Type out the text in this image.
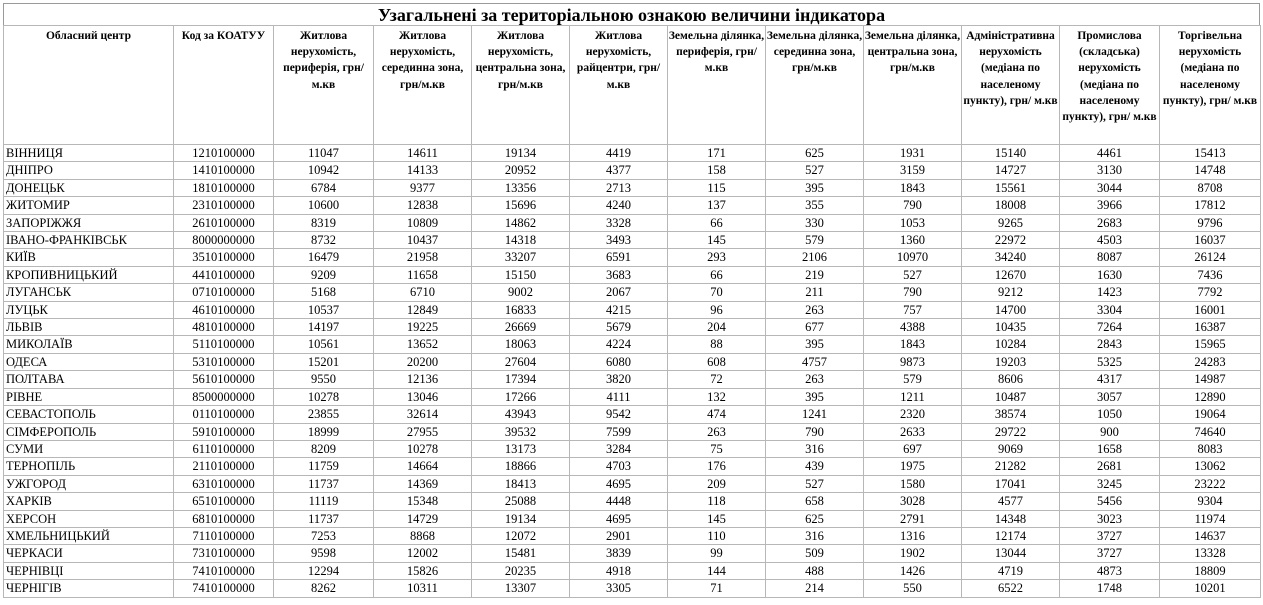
Узагальнені за територіальною ознакою величини індикатора
Обласний центр	Код за КОАТУУ	Житлова нерухомість, периферія, грн/ м.кв	Житлова нерухомість, серединна зона, грн/м.кв	Житлова нерухомість, центральна зона, грн/м.кв	Житлова нерухомість, райцентри, грн/ м.кв	Земельна ділянка, периферія, грн/ м.кв	Земельна ділянка, серединна зона, грн/м.кв	Земельна ділянка, центральна зона, грн/м.кв	Адміністративна нерухомість (медіана по населеному пункту), грн/ м.кв	Промислова (складська) нерухомість (медіана по населеному пункту), грн/ м.кв	Торгівельна нерухомість (медіана по населеному пункту), грн/ м.кв
ВІННИЦЯ	1210100000	11047	14611	19134	4419	171	625	1931	15140	4461	15413
ДНІПРО	1410100000	10942	14133	20952	4377	158	527	3159	14727	3130	14748
ДОНЕЦЬК	1810100000	6784	9377	13356	2713	115	395	1843	15561	3044	8708
ЖИТОМИР	2310100000	10600	12838	15696	4240	137	355	790	18008	3966	17812
ЗАПОРІЖЖЯ	2610100000	8319	10809	14862	3328	66	330	1053	9265	2683	9796
ІВАНО-ФРАНКІВСЬК	8000000000	8732	10437	14318	3493	145	579	1360	22972	4503	16037
КИЇВ	3510100000	16479	21958	33207	6591	293	2106	10970	34240	8087	26124
КРОПИВНИЦЬКИЙ	4410100000	9209	11658	15150	3683	66	219	527	12670	1630	7436
ЛУГАНСЬК	0710100000	5168	6710	9002	2067	70	211	790	9212	1423	7792
ЛУЦЬК	4610100000	10537	12849	16833	4215	96	263	757	14700	3304	16001
ЛЬВІВ	4810100000	14197	19225	26669	5679	204	677	4388	10435	7264	16387
МИКОЛАЇВ	5110100000	10561	13652	18063	4224	88	395	1843	10284	2843	15965
ОДЕСА	5310100000	15201	20200	27604	6080	608	4757	9873	19203	5325	24283
ПОЛТАВА	5610100000	9550	12136	17394	3820	72	263	579	8606	4317	14987
РІВНЕ	8500000000	10278	13046	17266	4111	132	395	1211	10487	3057	12890
СЕВАСТОПОЛЬ	0110100000	23855	32614	43943	9542	474	1241	2320	38574	1050	19064
СІМФЕРОПОЛЬ	5910100000	18999	27955	39532	7599	263	790	2633	29722	900	74640
СУМИ	6110100000	8209	10278	13173	3284	75	316	697	9069	1658	8083
ТЕРНОПІЛЬ	2110100000	11759	14664	18866	4703	176	439	1975	21282	2681	13062
УЖГОРОД	6310100000	11737	14369	18413	4695	209	527	1580	17041	3245	23222
ХАРКІВ	6510100000	11119	15348	25088	4448	118	658	3028	4577	5456	9304
ХЕРСОН	6810100000	11737	14729	19134	4695	145	625	2791	14348	3023	11974
ХМЕЛЬНИЦЬКИЙ	7110100000	7253	8868	12072	2901	110	316	1316	12174	3727	14637
ЧЕРКАСИ	7310100000	9598	12002	15481	3839	99	509	1902	13044	3727	13328
ЧЕРНІВЦІ	7410100000	12294	15826	20235	4918	144	488	1426	4719	4873	18809
ЧЕРНІГІВ	7410100000	8262	10311	13307	3305	71	214	550	6522	1748	10201
